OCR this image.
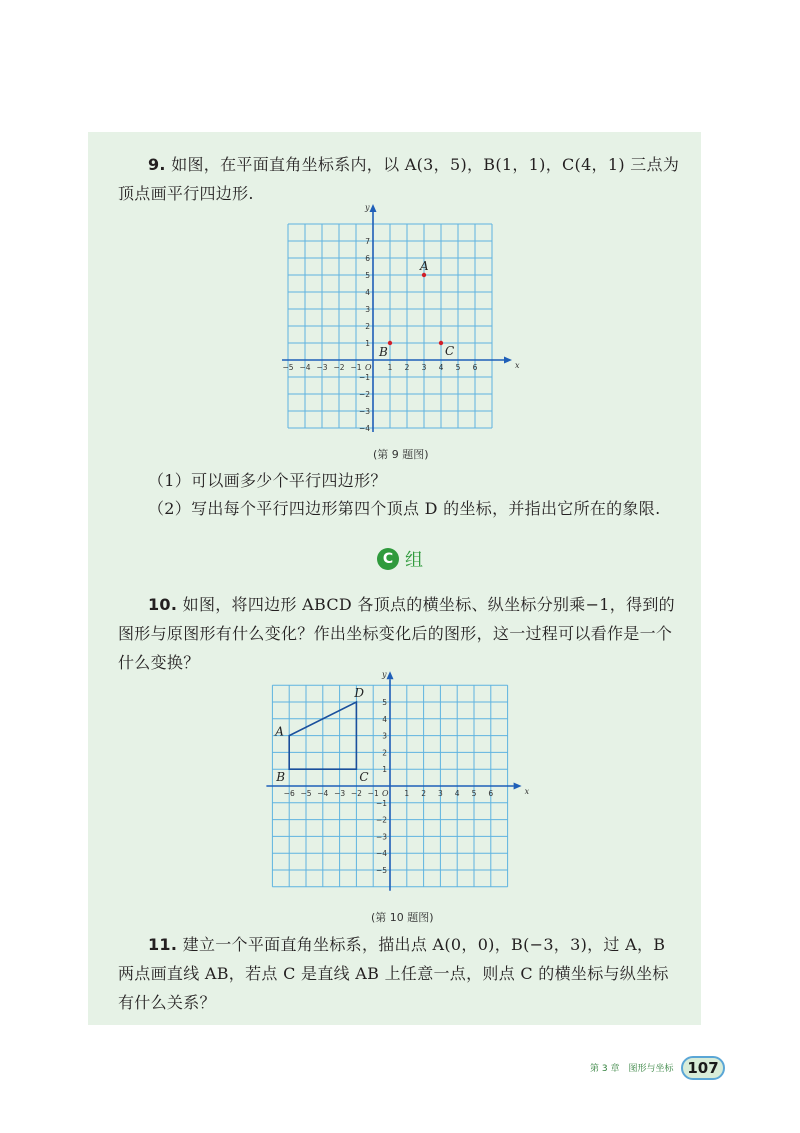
9. 如图，在平面直角坐标系内，以 A(3，5)，B(1，1)，C(4，1) 三点为顶点画平行四边形.
x
y
O
−5 −4 −3 −2 −1	1 2 3 4 5 6
7
6
5
4
3
2
1
−1
−2
−3
−4
A
B	C
(第 9 题图)
（1）可以画多少个平行四边形？
（2）写出每个平行四边形第四个顶点 D 的坐标，并指出它所在的象限.
C 组
10. 如图，将四边形 ABCD 各顶点的横坐标、纵坐标分别乘−1，得到的图形与原图形有什么变化？作出坐标变化后的图形，这一过程可以看作是一个什么变换？
x
y
O
−6 −5 −4 −3 −2 −1	1 2 3 4 5 6
5
4
3
2
1
−1
−2
−3
−4
−5
A
B	C
D
(第 10 题图)
11. 建立一个平面直角坐标系，描出点 A(0，0)，B(−3，3)，过 A，B 两点画直线 AB，若点 C 是直线 AB 上任意一点，则点 C 的横坐标与纵坐标有什么关系？
第 3 章　图形与坐标 107
